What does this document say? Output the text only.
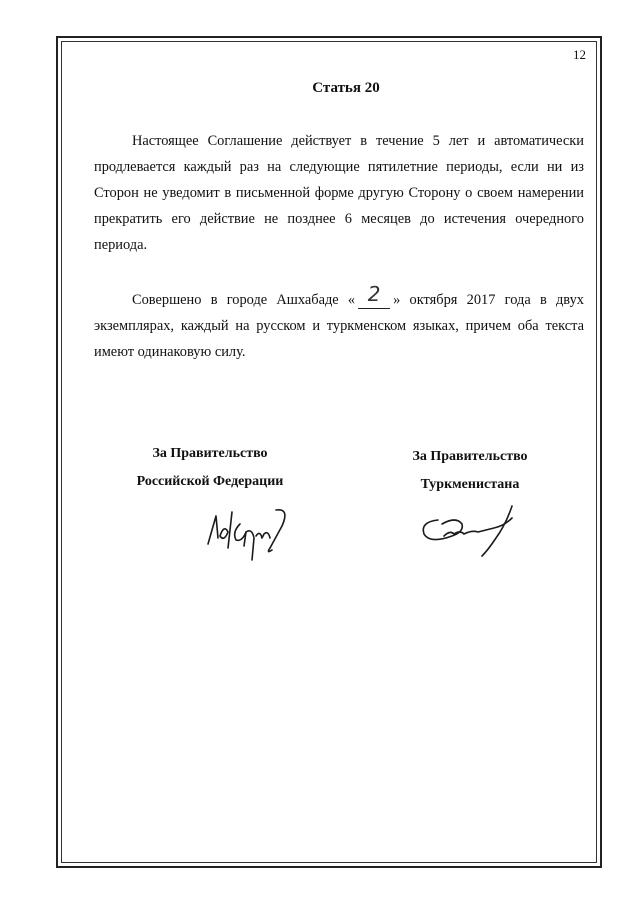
12
Статья 20

Настоящее Соглашение действует в течение 5 лет и автоматически продлевается каждый раз на следующие пятилетние периоды, если ни из Сторон не уведомит в письменной форме другую Сторону о своем намерении прекратить его действие не позднее 6 месяцев до истечения очередного периода.

Совершено в городе Ашхабаде « 2 » октября 2017 года в двух экземплярах, каждый на русском и туркменском языках, причем оба текста имеют одинаковую силу.

За Правительство
Российской Федерации
За Правительство
Туркменистана
